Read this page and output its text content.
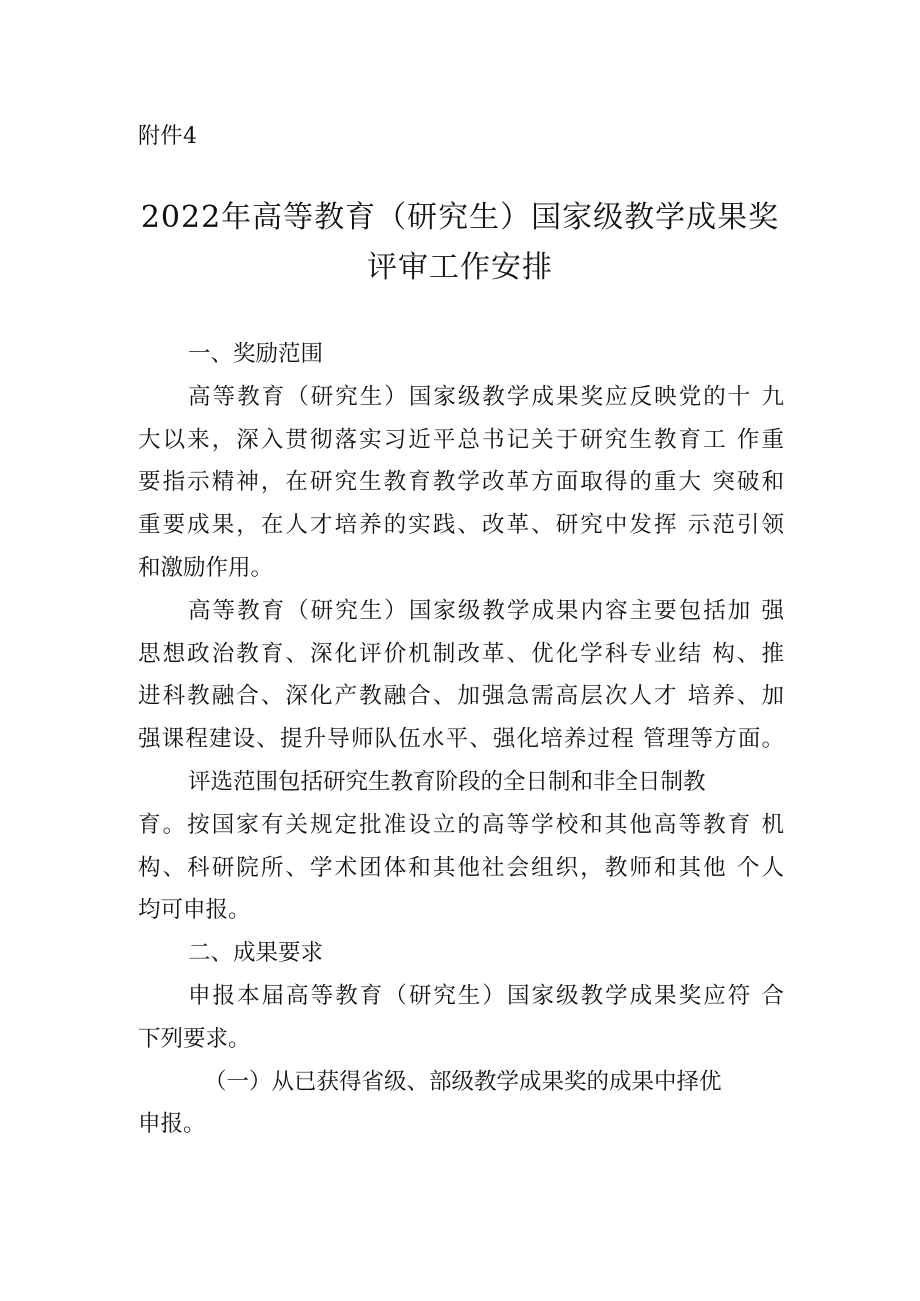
附件4
2022年高等教育（研究生）国家级教学成果奖
评审工作安排
一、奖励范围
高等教育（研究生）国家级教学成果奖应反映党的十 九
大以来，深入贯彻落实习近平总书记关于研究生教育工 作重
要指示精神，在研究生教育教学改革方面取得的重大 突破和
重要成果，在人才培养的实践、改革、研究中发挥 示范引领
和激励作用。
高等教育（研究生）国家级教学成果内容主要包括加 强
思想政治教育、深化评价机制改革、优化学科专业结 构、推
进科教融合、深化产教融合、加强急需高层次人才 培养、加
强课程建设、提升导师队伍水平、强化培养过程 管理等方面。
评选范围包括研究生教育阶段的全日制和非全日制教
育。按国家有关规定批准设立的高等学校和其他高等教育 机
构、科研院所、学术团体和其他社会组织，教师和其他 个人
均可申报。
二、成果要求
申报本届高等教育（研究生）国家级教学成果奖应符 合
下列要求。
（一）从已获得省级、部级教学成果奖的成果中择优
申报。
